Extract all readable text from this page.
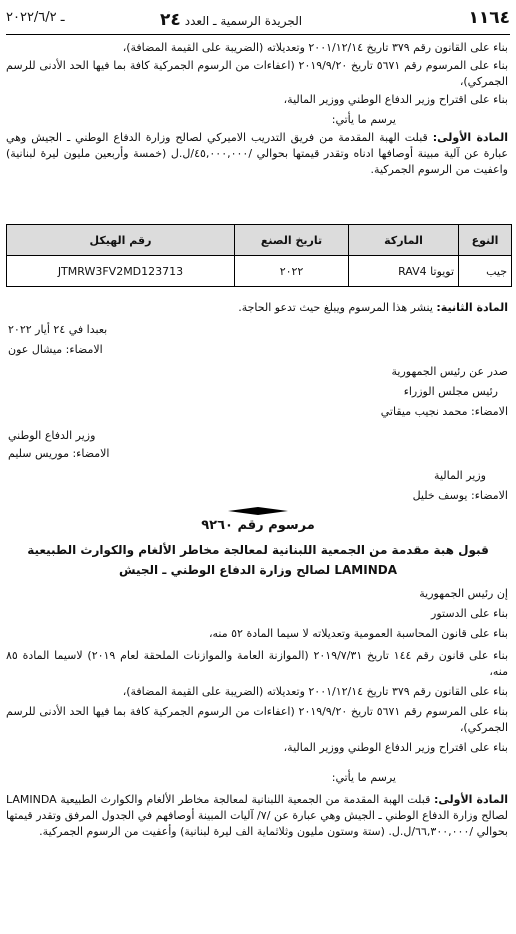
١١٦٤
الجريدة الرسمية ـ العدد٢٤
ـ ٢٠٢٢/٦/٢
بناء على القانون رقم ٣٧٩ تاريخ ٢٠٠١/١٢/١٤ وتعديلاته (الضريبة على القيمة المضافة)،
بناء على المرسوم رقم ٥٦٧١ تاريخ ٢٠١٩/٩/٢٠ (اعفاءات من الرسوم الجمركية كافة بما فيها الحد الأدنى للرسم الجمركي)،
بناء على اقتراح وزير الدفاع الوطني ووزير المالية،
يرسم ما يأتي:
المادة الأولى: قبلت الهبة المقدمة من فريق التدريب الاميركي لصالح وزارة الدفاع الوطني ـ الجيش وهي عبارة عن آلية مبينة أوصافها ادناه وتقدر قيمتها بحوالي /٤٥,٠٠٠,٠٠٠/ل.ل (خمسة وأربعين مليون ليرة لبنانية) واعفيت من الرسوم الجمركية.
النوع	الماركة	تاريخ الصنع	رقم الهيكل
جيب	تويوتا RAV4	٢٠٢٢	JTMRW3FV2MD123713
المادة الثانية: ينشر هذا المرسوم ويبلغ حيث تدعو الحاجة.
بعبدا في ٢٤ أيار ٢٠٢٢
الامضاء: ميشال عون
صدر عن رئيس الجمهورية
رئيس مجلس الوزراء
الامضاء: محمد نجيب ميقاتي
وزير الدفاع الوطني
الامضاء: موريس سليم
وزير المالية
الامضاء: يوسف خليل
مرسوم رقم ٩٢٦٠
قبول هبة مقدمة من الجمعية اللبنانية لمعالجة مخاطر الألغام والكوارث الطبيعية LAMINDA لصالح وزارة الدفاع الوطني ـ الجيش
إن رئيس الجمهورية
بناء على الدستور
بناء على قانون المحاسبة العمومية وتعديلاته لا سيما المادة ٥٢ منه،
بناء على قانون رقم ١٤٤ تاريخ ٢٠١٩/٧/٣١ (الموازنة العامة والموازنات الملحقة لعام ٢٠١٩) لاسيما المادة ٨٥ منه،
بناء على القانون رقم ٣٧٩ تاريخ ٢٠٠١/١٢/١٤ وتعديلاته (الضريبة على القيمة المضافة)،
بناء على المرسوم رقم ٥٦٧١ تاريخ ٢٠١٩/٩/٢٠ (اعفاءات من الرسوم الجمركية كافة بما فيها الحد الأدنى للرسم الجمركي)،
بناء على اقتراح وزير الدفاع الوطني ووزير المالية،
يرسم ما يأتي:
المادة الأولى: قبلت الهبة المقدمة من الجمعية اللبنانية لمعالجة مخاطر الألغام والكوارث الطبيعية LAMINDA لصالح وزارة الدفاع الوطني ـ الجيش وهي عبارة عن /٧/ آليات المبينة أوصافهم في الجدول المرفق وتقدر قيمتها بحوالي /٦٦,٣٠٠,٠٠٠/ل.ل. (ستة وستون مليون وثلاثماية الف ليرة لبنانية) وأعفيت من الرسوم الجمركية.
